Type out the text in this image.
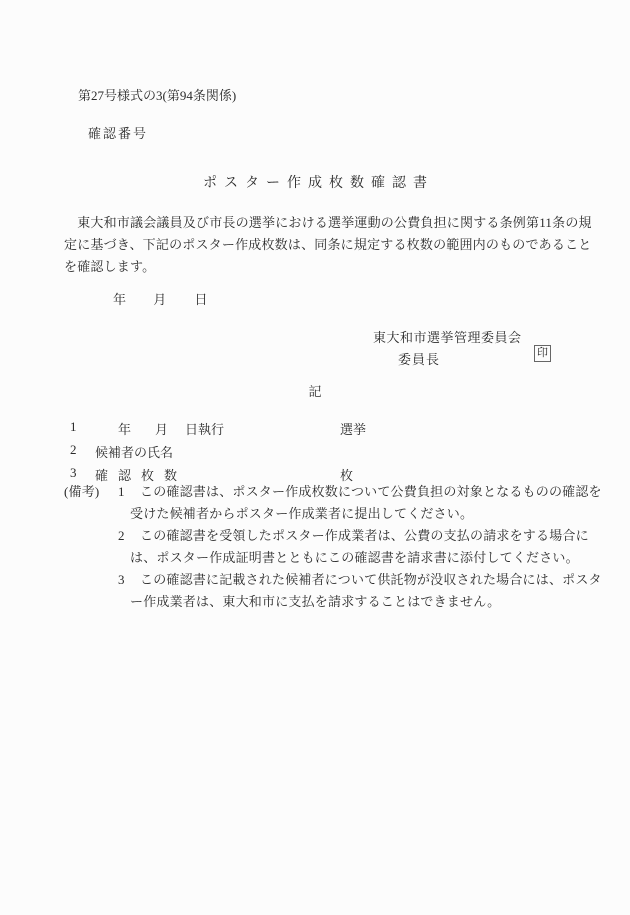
第27号様式の3(第94条関係)
確認番号
ポスター作成枚数確認書
　東大和市議会議員及び市長の選挙における選挙運動の公費負担に関する条例第11条の規
定に基づき、下記のポスター作成枚数は、同条に規定する枚数の範囲内のものであること
を確認します。
年 月 日
東大和市選挙管理委員会
委員長	印
記
1	年 月 日執行	選挙
2 候補者の氏名
3 確認枚数	枚
(備考) 1 この確認書は、ポスター作成枚数について公費負担の対象となるものの確認を
受けた候補者からポスター作成業者に提出してください。
2 この確認書を受領したポスター作成業者は、公費の支払の請求をする場合に
は、ポスター作成証明書とともにこの確認書を請求書に添付してください。
3 この確認書に記載された候補者について供託物が没収された場合には、ポスタ
ー作成業者は、東大和市に支払を請求することはできません。
